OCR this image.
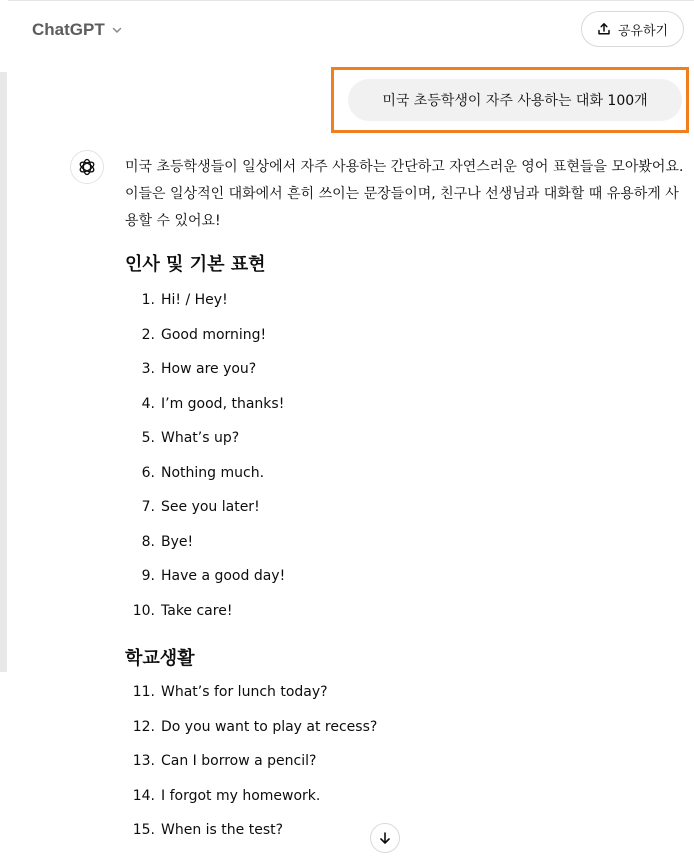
ChatGPT	공유하기
미국 초등학생이 자주 사용하는 대화 100개

미국 초등학생들이 일상에서 자주 사용하는 간단하고 자연스러운 영어 표현들을 모아봤어요. 이들은 일상적인 대화에서 흔히 쓰이는 문장들이며, 친구나 선생님과 대화할 때 유용하게 사용할 수 있어요!

인사 및 기본 표현
1. Hi! / Hey!
2. Good morning!
3. How are you?
4. I’m good, thanks!
5. What’s up?
6. Nothing much.
7. See you later!
8. Bye!
9. Have a good day!
10. Take care!
학교생활
11. What’s for lunch today?
12. Do you want to play at recess?
13. Can I borrow a pencil?
14. I forgot my homework.
15. When is the test?
